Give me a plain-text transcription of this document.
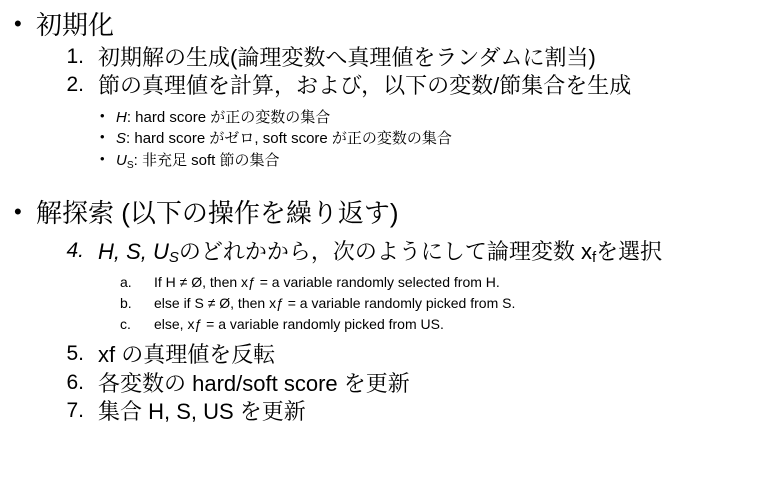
• 初期化
1. 初期解の生成(論理変数へ真理値をランダムに割当)
2. 節の真理値を計算，および，以下の変数/節集合を生成
• H: hard score が正の変数の集合
• S: hard score がゼロ, soft score が正の変数の集合
• $U_S$: 非充足 soft 節の集合
• 解探索 (以下の操作を繰り返す)
4. H, S, $U_S$のどれかから，次のようにして論理変数 $x_f$を選択
a.	If H ≠ Ø, then xƒ = a variable randomly selected from H.
b.	else if S ≠ Ø, then xƒ = a variable randomly picked from S.
c.	else, xƒ = a variable randomly picked from US.
5. xf の真理値を反転
6. 各変数の hard/soft score を更新
7. 集合 H, S, US を更新
